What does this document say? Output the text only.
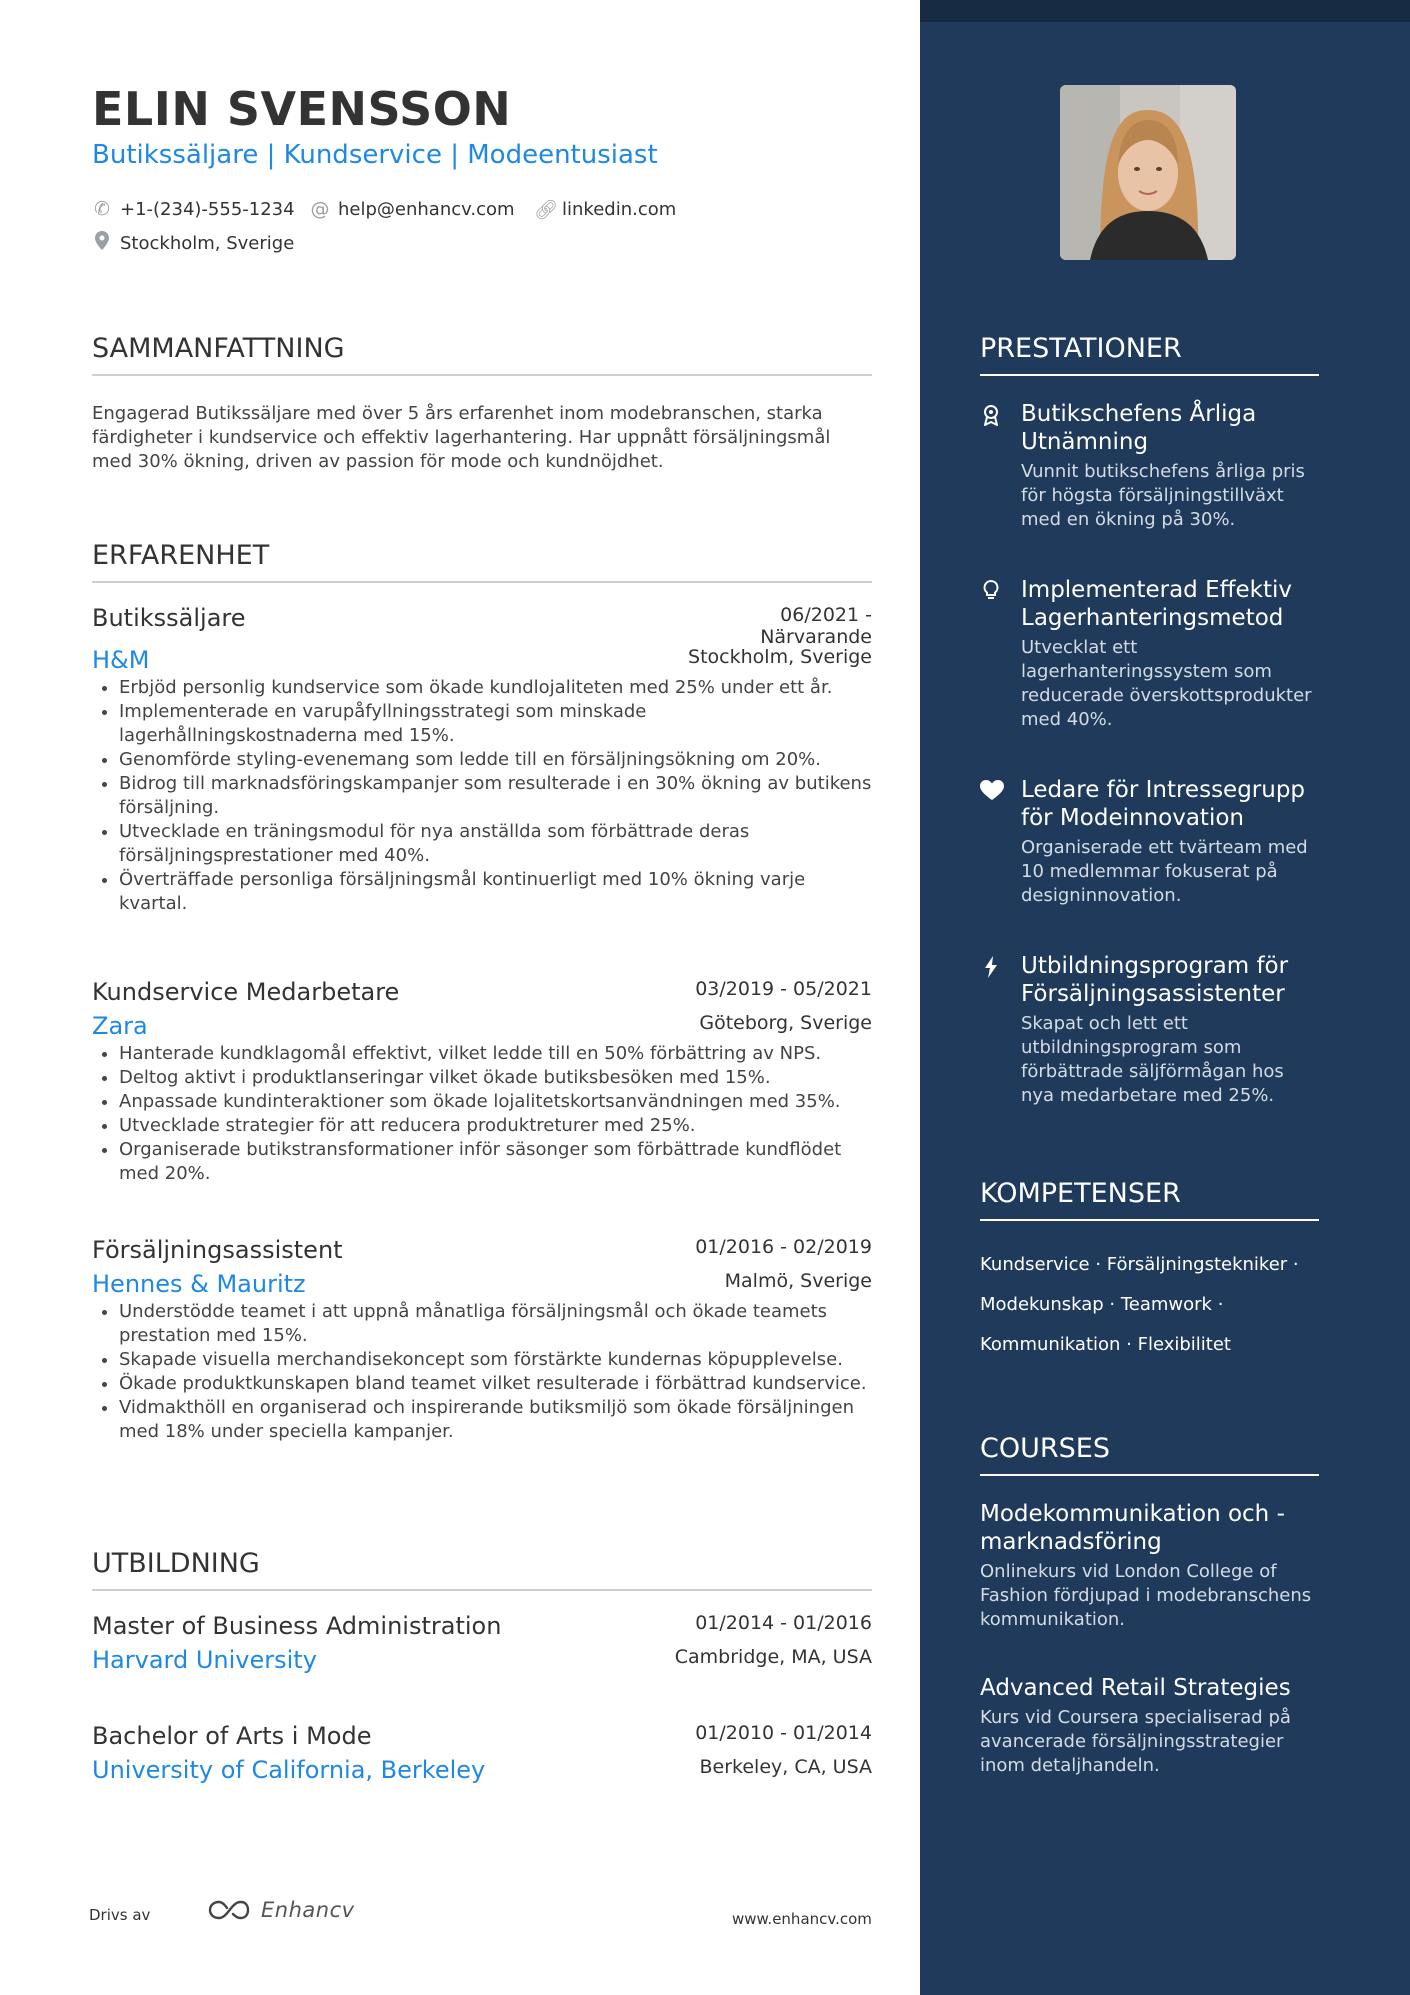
ELIN SVENSSON
Butikssäljare | Kundservice | Modeentusiast
✆ +1-(234)-555-1234 @ help@enhancv.com 🔗︎ linkedin.com
Stockholm, Sverige
SAMMANFATTNING

Engagerad Butikssäljare med över 5 års erfarenhet inom modebranschen, starka färdigheter i kundservice och effektiv lagerhantering. Har uppnått försäljningsmål med 30% ökning, driven av passion för mode och kundnöjdhet.

ERFARENHET
Butikssäljare	06/2021 -
Närvarande
H&M	Stockholm, Sverige
• Erbjöd personlig kundservice som ökade kundlojaliteten med 25% under ett år.
• Implementerade en varupåfyllningsstrategi som minskade lagerhållningskostnaderna med 15%.
• Genomförde styling-evenemang som ledde till en försäljningsökning om 20%.
• Bidrog till marknadsföringskampanjer som resulterade i en 30% ökning av butikens försäljning.
• Utvecklade en träningsmodul för nya anställda som förbättrade deras försäljningsprestationer med 40%.
• Överträffade personliga försäljningsmål kontinuerligt med 10% ökning varje kvartal.
Kundservice Medarbetare	03/2019 - 05/2021
Zara	Göteborg, Sverige
• Hanterade kundklagomål effektivt, vilket ledde till en 50% förbättring av NPS.
• Deltog aktivt i produktlanseringar vilket ökade butiksbesöken med 15%.
• Anpassade kundinteraktioner som ökade lojalitetskortsanvändningen med 35%.
• Utvecklade strategier för att reducera produktreturer med 25%.
• Organiserade butikstransformationer inför säsonger som förbättrade kundflödet med 20%.
Försäljningsassistent	01/2016 - 02/2019
Hennes & Mauritz	Malmö, Sverige
• Understödde teamet i att uppnå månatliga försäljningsmål och ökade teamets prestation med 15%.
• Skapade visuella merchandisekoncept som förstärkte kundernas köpupplevelse.
• Ökade produktkunskapen bland teamet vilket resulterade i förbättrad kundservice.
• Vidmakthöll en organiserad och inspirerande butiksmiljö som ökade försäljningen med 18% under speciella kampanjer.
UTBILDNING
Master of Business Administration	01/2014 - 01/2016
Harvard University	Cambridge, MA, USA
Bachelor of Arts i Mode	01/2010 - 01/2014
University of California, Berkeley	Berkeley, CA, USA
Drivs av	Enhancv	www.enhancv.com
PRESTATIONER
Butikschefens Årliga Utnämning
Vunnit butikschefens årliga pris för högsta försäljningstillväxt med en ökning på 30%.
Implementerad Effektiv Lagerhanteringsmetod
Utvecklat ett lagerhanteringssystem som reducerade överskottsprodukter med 40%.
Ledare för Intressegrupp för Modeinnovation
Organiserade ett tvärteam med 10 medlemmar fokuserat på designinnovation.
Utbildningsprogram för Försäljningsassistenter
Skapat och lett ett utbildningsprogram som förbättrade säljförmågan hos nya medarbetare med 25%.
KOMPETENSER
Kundservice · Försäljningstekniker ·
Modekunskap · Teamwork ·
Kommunikation · Flexibilitet
COURSES
Modekommunikation och -marknadsföring
Onlinekurs vid London College of Fashion fördjupad i modebranschens kommunikation.
Advanced Retail Strategies
Kurs vid Coursera specialiserad på avancerade försäljningsstrategier inom detaljhandeln.
